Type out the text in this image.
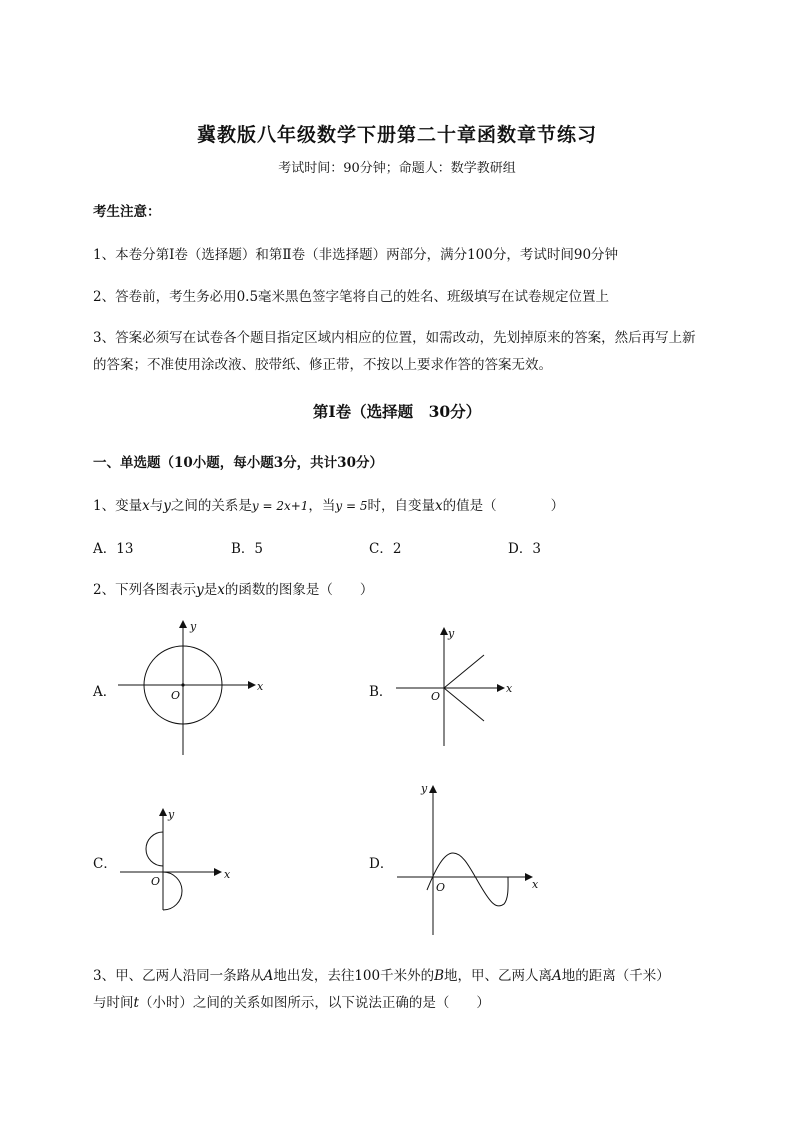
冀教版八年级数学下册第二十章函数章节练习
考试时间：90分钟；命题人：数学教研组
考生注意：
1、本卷分第I卷（选择题）和第Ⅱ卷（非选择题）两部分，满分100分，考试时间90分钟
2、答卷前，考生务必用0.5毫米黑色签字笔将自己的姓名、班级填写在试卷规定位置上
3、答案必须写在试卷各个题目指定区域内相应的位置，如需改动，先划掉原来的答案，然后再写上新
的答案；不准使用涂改液、胶带纸、修正带，不按以上要求作答的答案无效。
第I卷（选择题　30分）
一、单选题（10小题，每小题3分，共计30分）
1、变量x与y之间的关系是y = 2x+1，当y = 5时，自变量x的值是（　　　　）
A．13	B．5	C．2	D．3
2、下列各图表示y是x的函数的图象是（　　）
A．	B．
C．	D．
y
x
O
y
x
O
y
x
O
y
x
O
3、甲、乙两人沿同一条路从A地出发，去往100千米外的B地，甲、乙两人离A地的距离（千米）
与时间t（小时）之间的关系如图所示，以下说法正确的是（　　）
